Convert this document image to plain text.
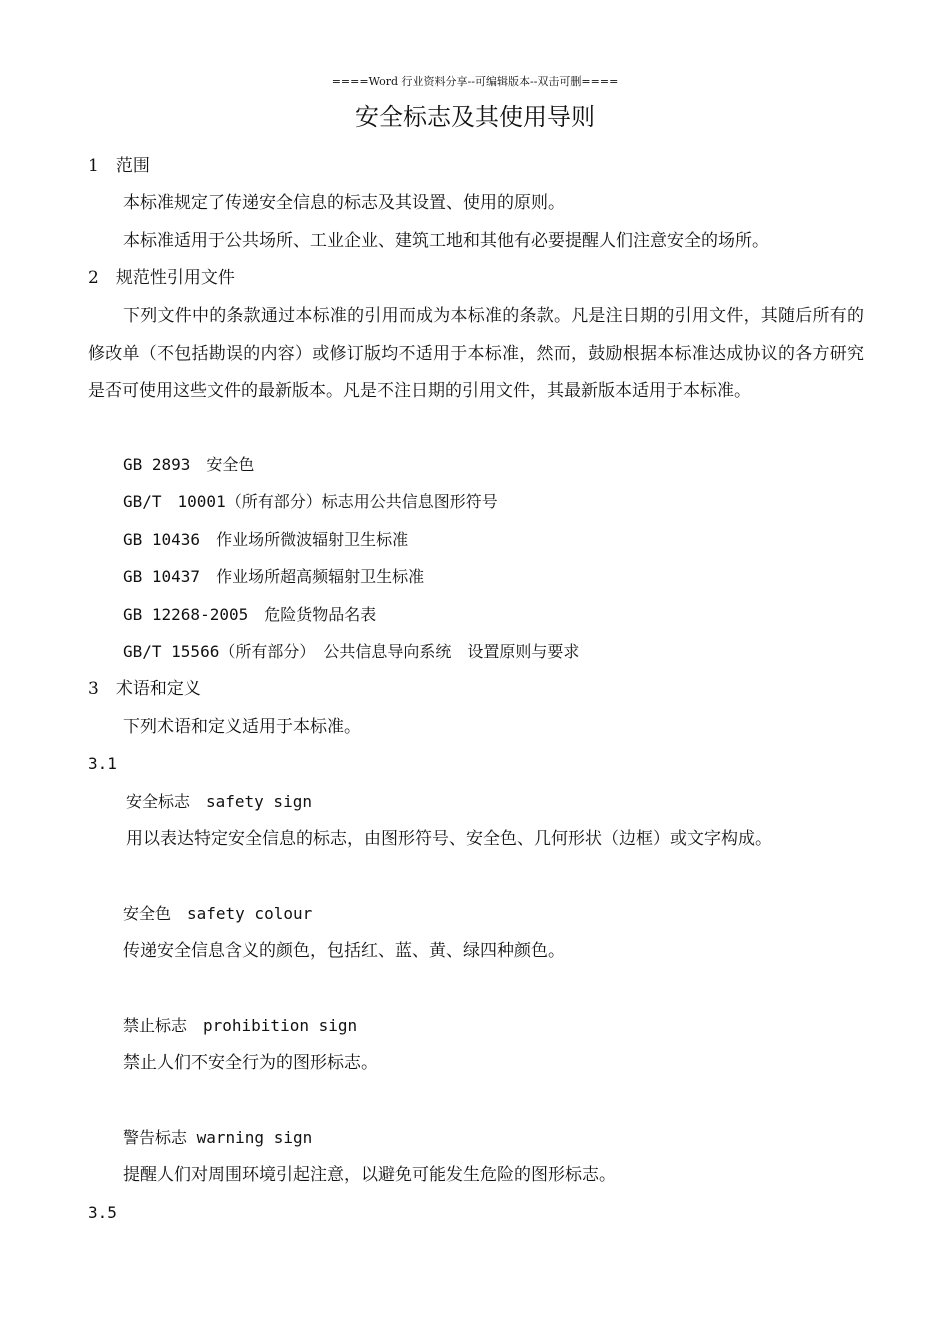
====Word 行业资料分享--可编辑版本--双击可删====
安全标志及其使用导则
1　范围
本标准规定了传递安全信息的标志及其设置、使用的原则。
本标准适用于公共场所、工业企业、建筑工地和其他有必要提醒人们注意安全的场所。
2　规范性引用文件
下列文件中的条款通过本标准的引用而成为本标准的条款。凡是注日期的引用文件，其随后所有的修改单（不包括勘误的内容）或修订版均不适用于本标准，然而，鼓励根据本标准达成协议的各方研究是否可使用这些文件的最新版本。凡是不注日期的引用文件，其最新版本适用于本标准。
GB 2893　安全色
GB/T　10001（所有部分）标志用公共信息图形符号
GB 10436　作业场所微波辐射卫生标准
GB 10437　作业场所超高频辐射卫生标准
GB 12268-2005　危险货物品名表
GB/T 15566（所有部分）　公共信息导向系统　设置原则与要求
3　术语和定义
下列术语和定义适用于本标准。
3.1
安全标志　safety sign
用以表达特定安全信息的标志，由图形符号、安全色、几何形状（边框）或文字构成。
安全色　safety colour
传递安全信息含义的颜色，包括红、蓝、黄、绿四种颜色。
禁止标志　prohibition sign
禁止人们不安全行为的图形标志。
警告标志 warning sign
提醒人们对周围环境引起注意，以避免可能发生危险的图形标志。
3.5
